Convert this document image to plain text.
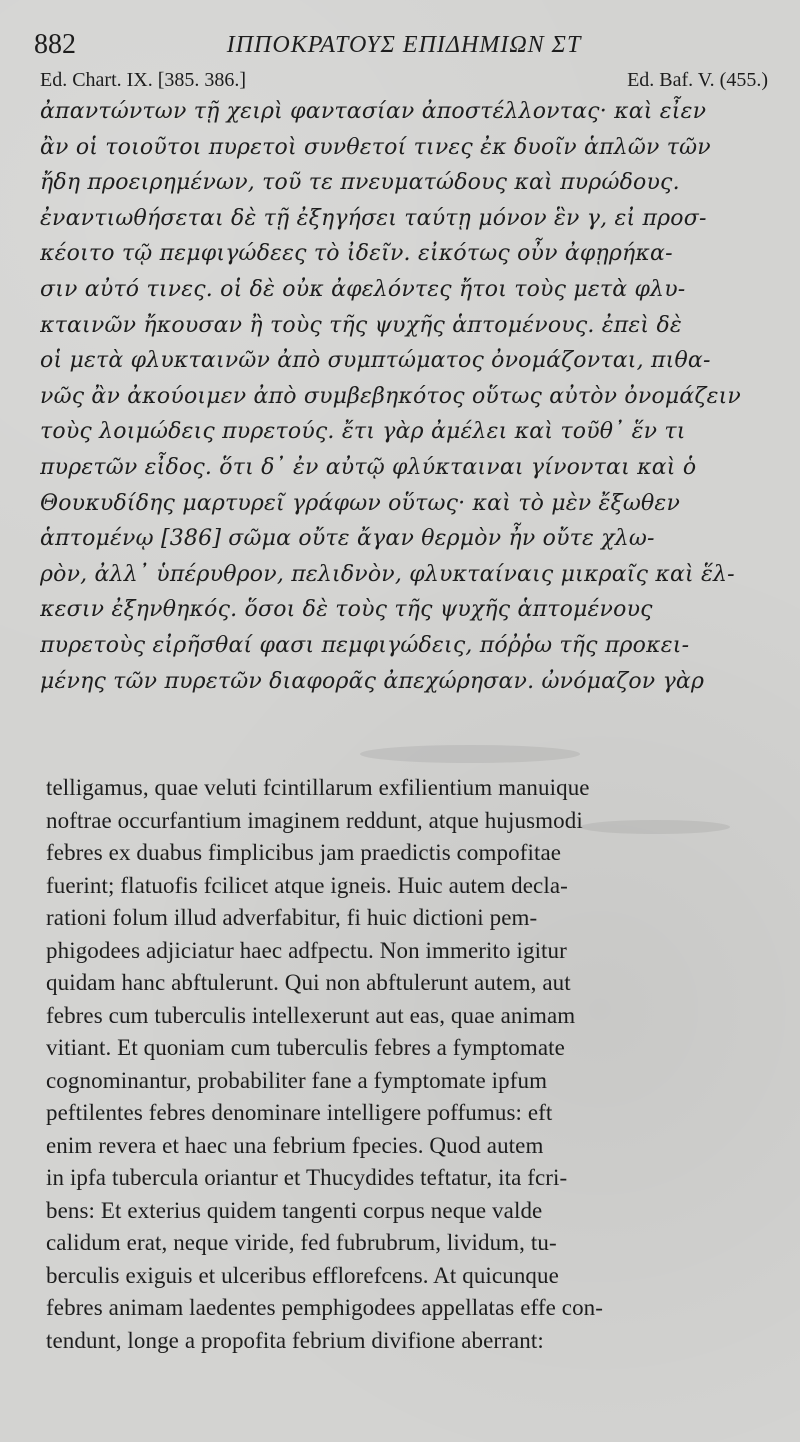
882	ΙΠΠΟΚΡΑΤΟΥΣ ΕΠΙΔΗΜΙΩΝ ΣΤ
Ed. Chart. IX. [385. 386.]	Ed. Baf. V. (455.)
ἀπαντώντων τῇ χειρὶ φαντασίαν ἀποστέλλοντας· καὶ εἶεν
ἂν οἱ τοιοῦτοι πυρετοὶ συνθετοί τινες ἐκ δυοῖν ἁπλῶν τῶν
ἤδη προειρημένων, τοῦ τε πνευματώδους καὶ πυρώδους.
ἐναντιωθήσεται δὲ τῇ ἐξηγήσει ταύτῃ μόνον ἓν γ, εἰ προσ-
κέοιτο τῷ πεμφιγώδεες τὸ ἰδεῖν. εἰκότως οὖν ἀφῃρήκα-
σιν αὐτό τινες. οἱ δὲ οὐκ ἀφελόντες ἤτοι τοὺς μετὰ φλυ-
κταινῶν ἤκουσαν ἢ τοὺς τῆς ψυχῆς ἁπτομένους. ἐπεὶ δὲ
οἱ μετὰ φλυκταινῶν ἀπὸ συμπτώματος ὀνομάζονται, πιθα-
νῶς ἂν ἀκούοιμεν ἀπὸ συμβεβηκότος οὕτως αὐτὸν ὀνομάζειν
τοὺς λοιμώδεις πυρετούς. ἔτι γὰρ ἀμέλει καὶ τοῦθ᾽ ἕν τι
πυρετῶν εἶδος. ὅτι δ᾽ ἐν αὐτῷ φλύκταιναι γίνονται καὶ ὁ
Θουκυδίδης μαρτυρεῖ γράφων οὕτως· καὶ τὸ μὲν ἔξωθεν
ἁπτομένῳ [386] σῶμα οὔτε ἄγαν θερμὸν ἦν οὔτε χλω-
ρὸν, ἀλλ᾽ ὑπέρυθρον, πελιδνὸν, φλυκταίναις μικραῖς καὶ ἕλ-
κεσιν ἐξηνθηκός. ὅσοι δὲ τοὺς τῆς ψυχῆς ἁπτομένους
πυρετοὺς εἰρῆσθαί φασι πεμφιγώδεις, πόῤῥω τῆς προκει-
μένης τῶν πυρετῶν διαφορᾶς ἀπεχώρησαν. ὠνόμαζον γὰρ
telligamus, quae veluti fcintillarum exfilientium manuique
noftrae occurfantium imaginem reddunt, atque hujusmodi
febres ex duabus fimplicibus jam praedictis compofitae
fuerint; flatuofis fcilicet atque igneis. Huic autem decla-
rationi folum illud adverfabitur, fi huic dictioni pem-
phigodees adjiciatur haec adfpectu. Non immerito igitur
quidam hanc abftulerunt. Qui non abftulerunt autem, aut
febres cum tuberculis intellexerunt aut eas, quae animam
vitiant. Et quoniam cum tuberculis febres a fymptomate
cognominantur, probabiliter fane a fymptomate ipfum
peftilentes febres denominare intelligere poffumus: eft
enim revera et haec una febrium fpecies. Quod autem
in ipfa tubercula oriantur et Thucydides teftatur, ita fcri-
bens: Et exterius quidem tangenti corpus neque valde
calidum erat, neque viride, fed fubrubrum, lividum, tu-
berculis exiguis et ulceribus efflorefcens. At quicunque
febres animam laedentes pemphigodees appellatas effe con-
tendunt, longe a propofita febrium divifione aberrant:
